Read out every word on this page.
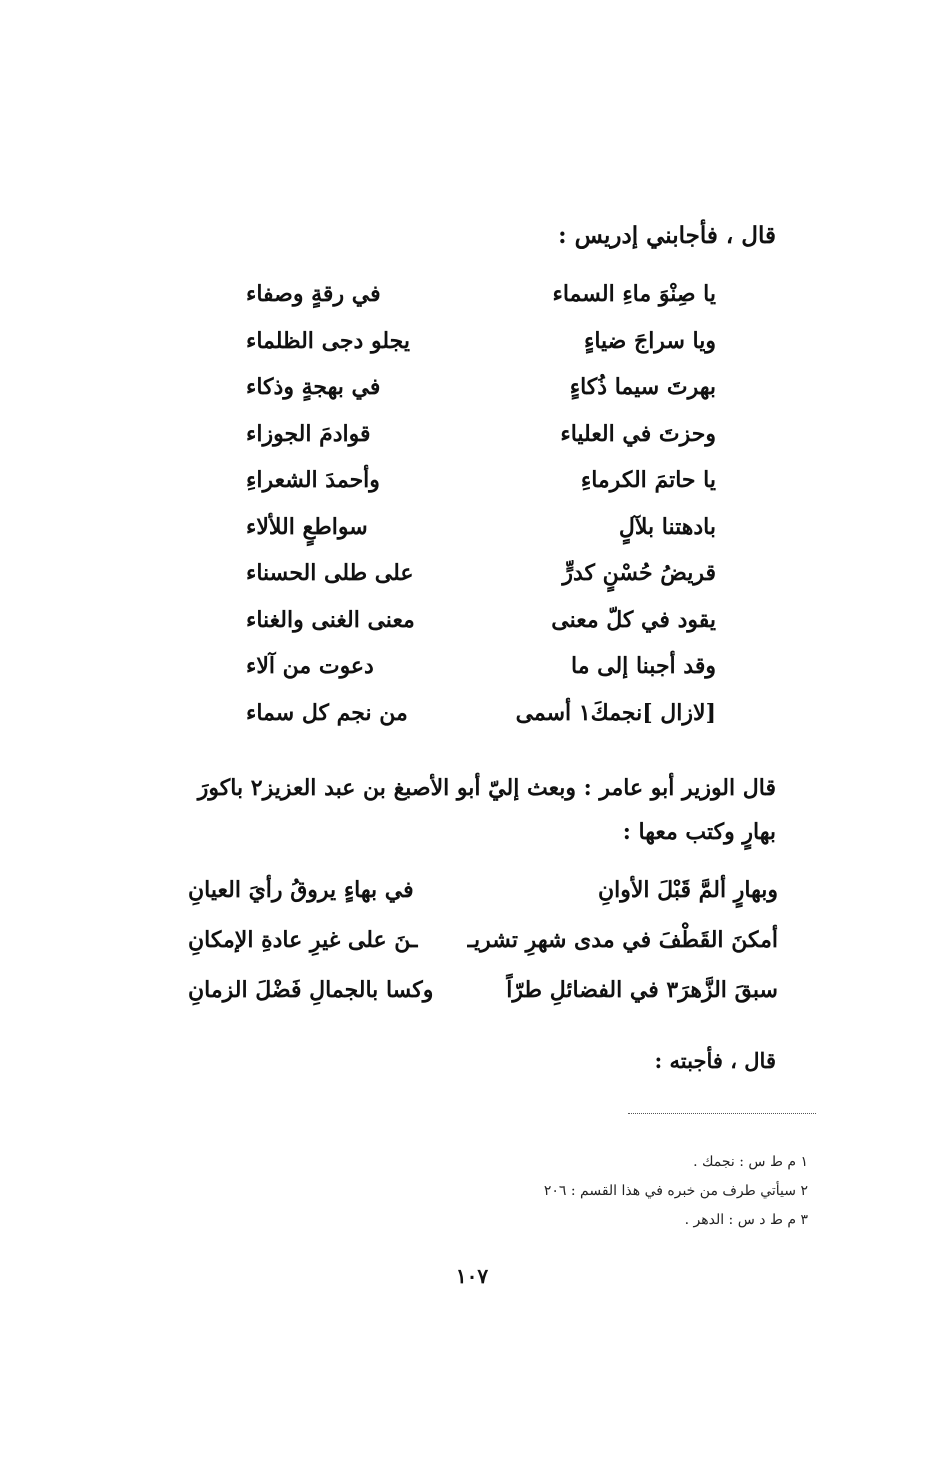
قال ، فأجابني إدريس :
يا صِنْوَ ماءِ السماء
في رقةٍ وصفاء
ويا سراجَ ضياءٍ
يجلو دجى الظلماء
بهرتَ سيما ذُكاءٍ
في بهجةٍ وذكاء
وحزتَ في العلياء
قوادمَ الجوزاء
يا حاتمَ الكرماءِ
وأحمدَ الشعراءِ
بادهتنا بلآلٍ
سواطعٍ اللألاء
قريضُ حُسْنٍ كدرٍّ
على طلى الحسناء
يقود في كلّ معنى
معنى الغنى والغناء
وقد أجبنا إلى ما
دعوت من آلاء
[لازال ]نجمكَ١ أسمى
من نجم كل سماء

قال الوزير أبو عامر : وبعث إليّ أبو الأصبغ بن عبد العزيز٢ باكورَ

بهارٍ وكتب معها :

وبهارٍ ألمَّ قَبْلَ الأوانِ
في بهاءٍ يروقُ رأيَ العيانِ
أمكنَ القَطْفَ في مدى شهرِ تشريـ
ـنَ على غيرِ عادةِ الإمكانِ
سبقَ الزَّهرَ٣ في الفضائلِ طرّاً
وكسا بالجمالِ فَضْلَ الزمانِ
قال ، فأجبته :
١ م ط س : نجمك .
٢ سيأتي طرف من خبره في هذا القسم : ٢٠٦
٣ م ط د س : الدهر .
١٠٧
